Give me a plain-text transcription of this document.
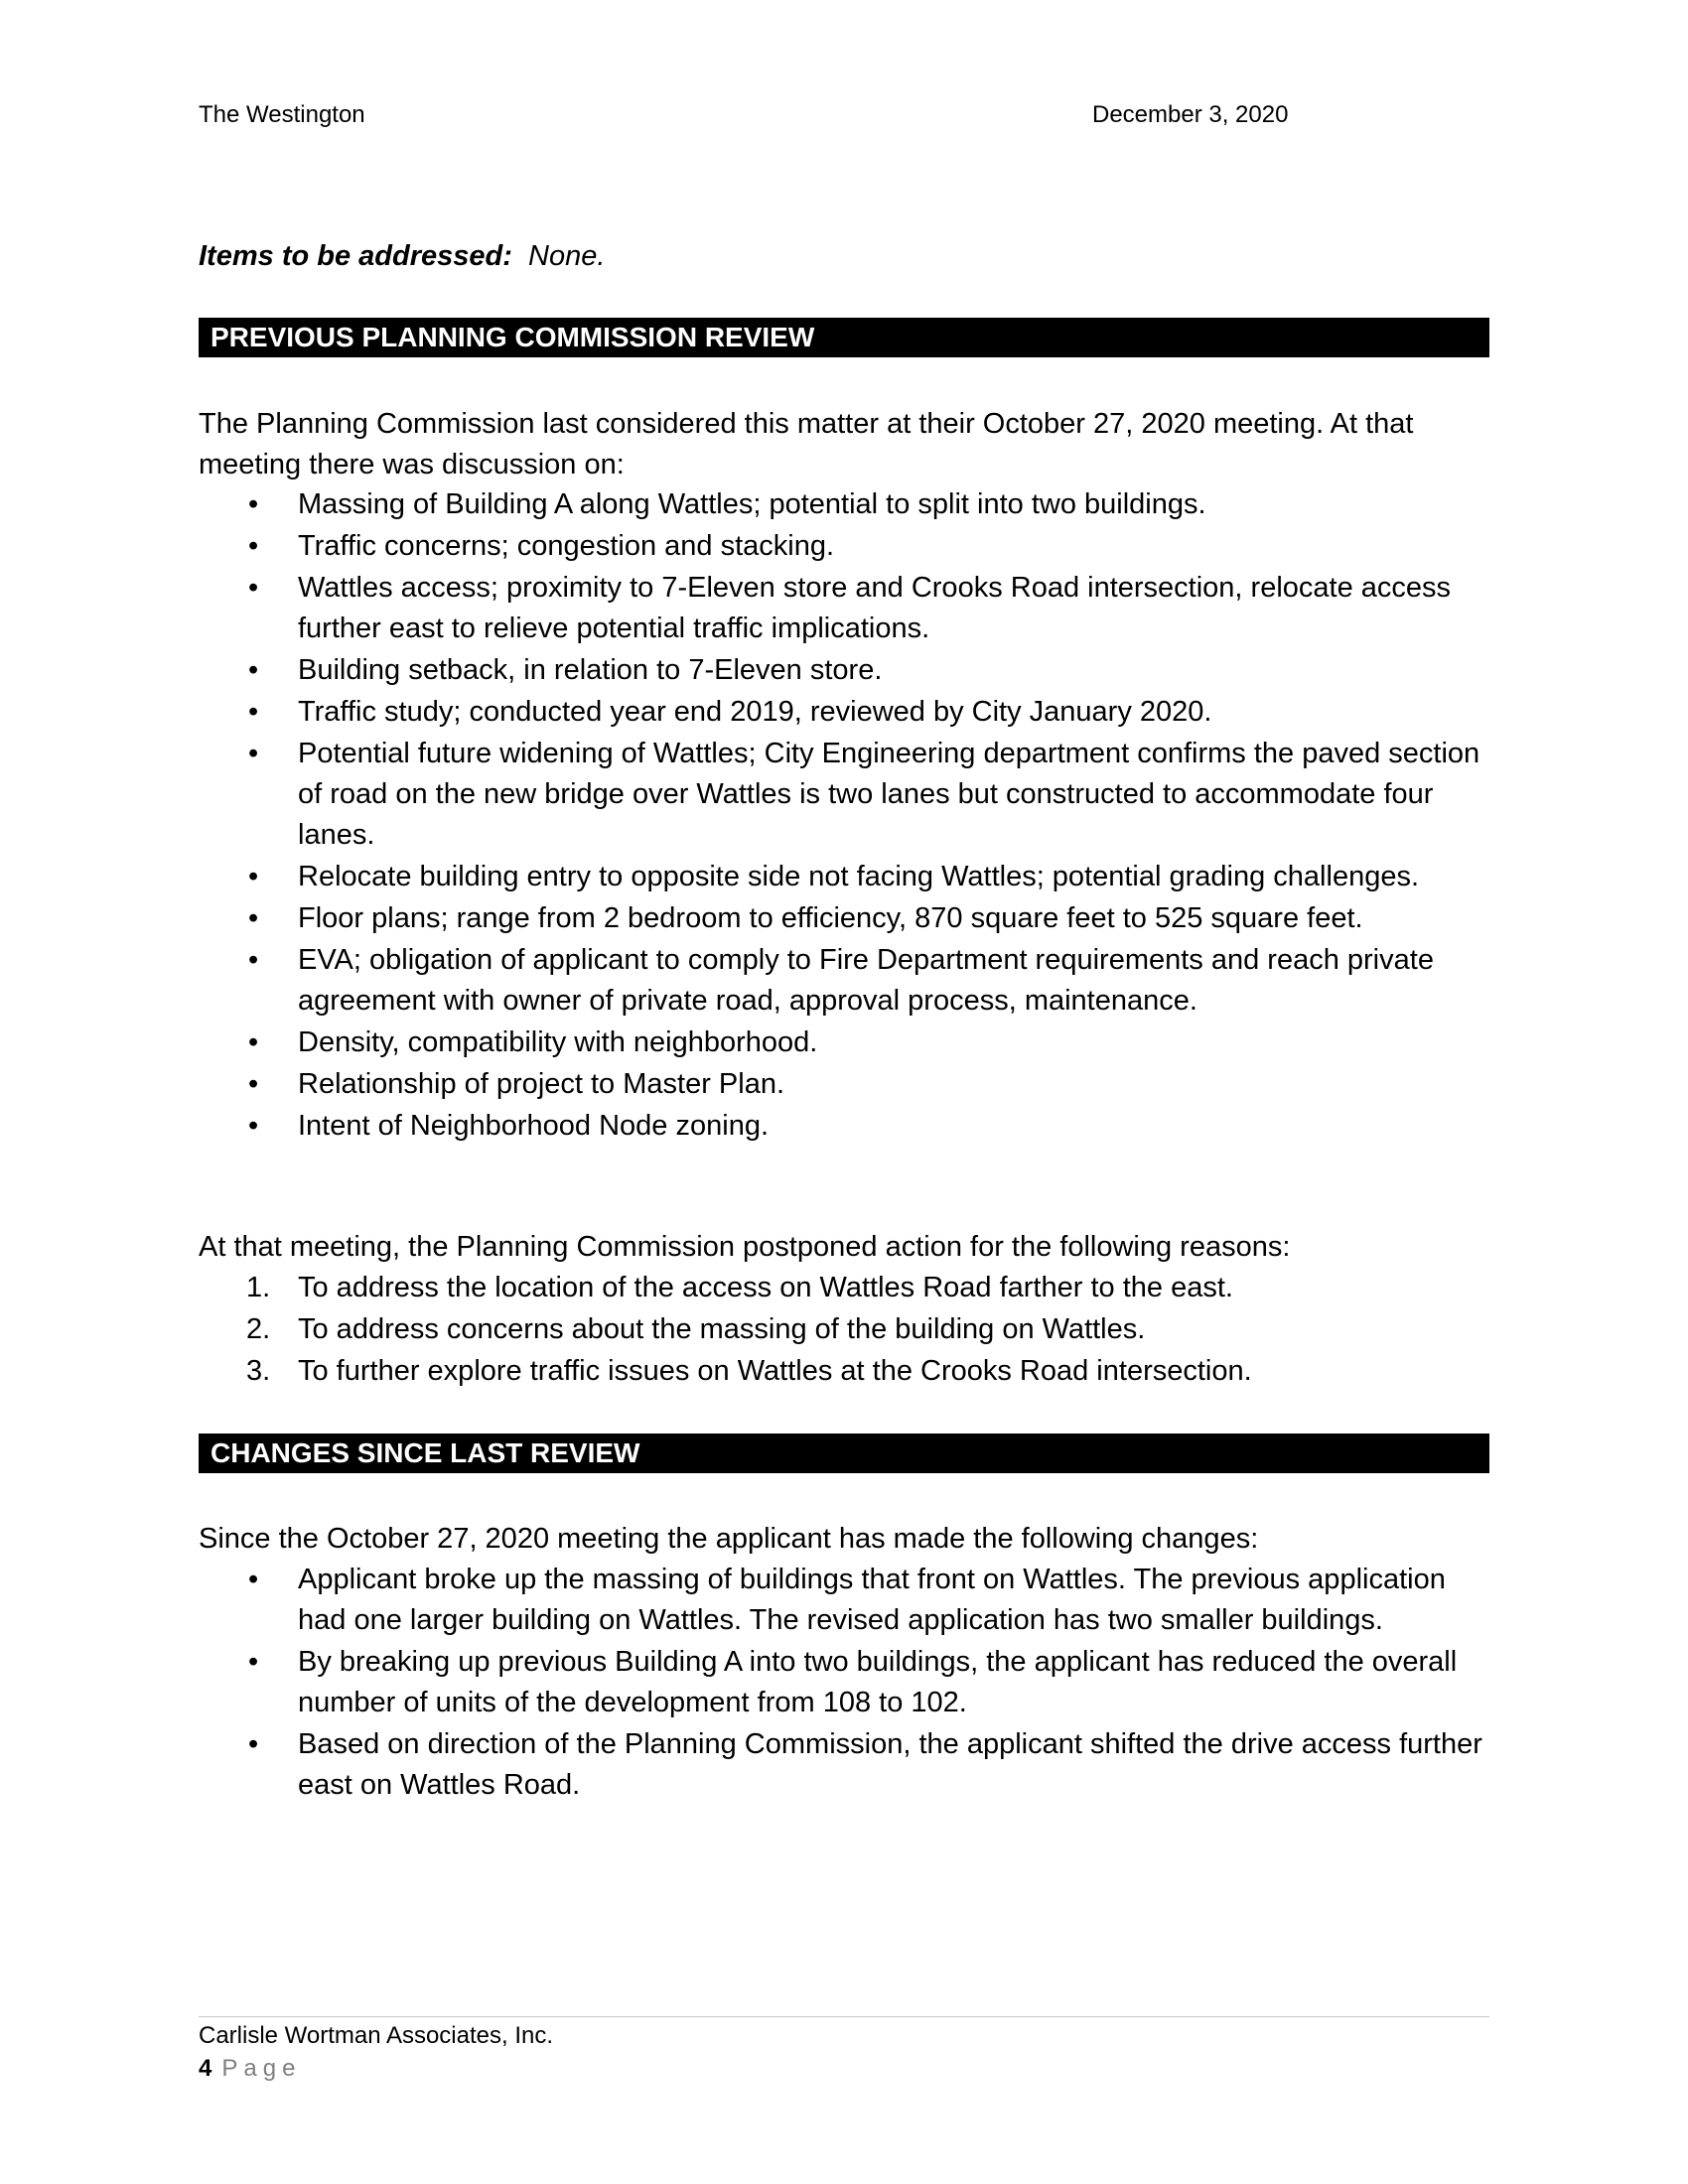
The Westington	December 3, 2020
Items to be addressed: None.
PREVIOUS PLANNING COMMISSION REVIEW
The Planning Commission last considered this matter at their October 27, 2020 meeting. At that meeting there was discussion on:
• Massing of Building A along Wattles; potential to split into two buildings.
• Traffic concerns; congestion and stacking.
• Wattles access; proximity to 7-Eleven store and Crooks Road intersection, relocate access further east to relieve potential traffic implications.
• Building setback, in relation to 7-Eleven store.
• Traffic study; conducted year end 2019, reviewed by City January 2020.
• Potential future widening of Wattles; City Engineering department confirms the paved section of road on the new bridge over Wattles is two lanes but constructed to accommodate four lanes.
• Relocate building entry to opposite side not facing Wattles; potential grading challenges.
• Floor plans; range from 2 bedroom to efficiency, 870 square feet to 525 square feet.
• EVA; obligation of applicant to comply to Fire Department requirements and reach private agreement with owner of private road, approval process, maintenance.
• Density, compatibility with neighborhood.
• Relationship of project to Master Plan.
• Intent of Neighborhood Node zoning.
At that meeting, the Planning Commission postponed action for the following reasons:
1. To address the location of the access on Wattles Road farther to the east.
2. To address concerns about the massing of the building on Wattles.
3. To further explore traffic issues on Wattles at the Crooks Road intersection.
CHANGES SINCE LAST REVIEW
Since the October 27, 2020 meeting the applicant has made the following changes:
• Applicant broke up the massing of buildings that front on Wattles. The previous application had one larger building on Wattles. The revised application has two smaller buildings.
• By breaking up previous Building A into two buildings, the applicant has reduced the overall number of units of the development from 108 to 102.
• Based on direction of the Planning Commission, the applicant shifted the drive access further east on Wattles Road.
Carlisle Wortman Associates, Inc.
4 Page
